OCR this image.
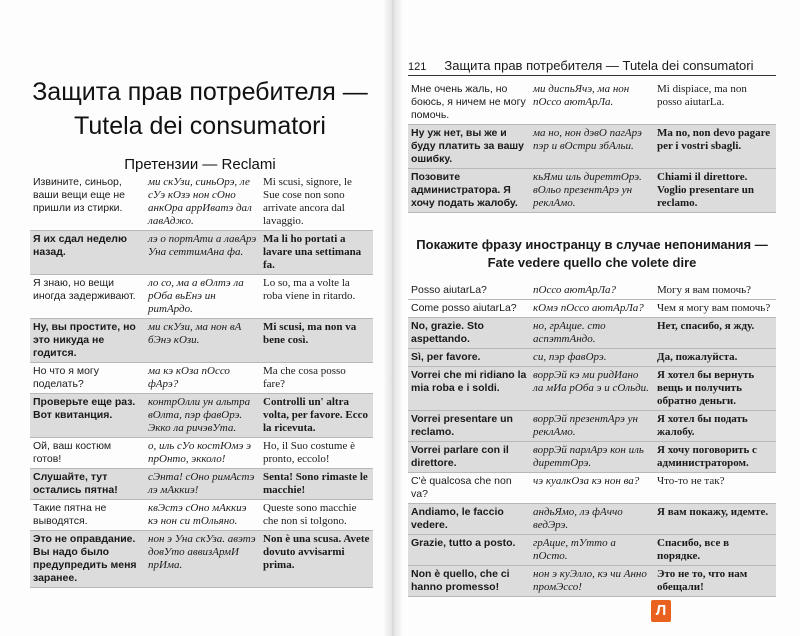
Защита прав потребителя —
Tutela dei consumatori
Претензии — Reclami
Извините, синьор, ваши вещи еще не пришли из стирки.	ми скУзи, синьОрэ, ле сУэ кОзэ нон сОно анкОра аррИватэ дал лавАджо.	Mi scusi, signore, le Sue cose non sono arrivate ancora dal lavaggio.
Я их сдал неделю назад.	лэ о портАти а лавАрэ Уна сеттимАна фа.	Ma li ho portati a lavare una settimana fa.
Я знаю, но вещи иногда задерживают.	ло со, ма а вОлтэ ла рОба вьЕнэ ин ритАрдо.	Lo so, ma a volte la roba viene in ritardo.
Ну, вы простите, но это никуда не годится.	ми скУзи, ма нон вА бЭнэ кОзи.	Mi scusi, ma non va bene così.
Но что я могу поделать?	ма кэ кОза пОссо фАрэ?	Ma che cosa posso fare?
Проверьте еще раз. Вот квитанция.	контрОлли ун альтра вОлта, пэр фавОрэ. Экко ла ричэвУта.	Controlli un' altra volta, per favore. Ecco la ricevuta.
Ой, ваш костюм готов!	о, иль сУо костЮмэ э прОнто, экколо!	Ho, il Suo costume è pronto, eccolo!
Слушайте, тут остались пятна!	сЭнта! сОно римАстэ лэ мАккиэ!	Senta! Sono rimaste le macchie!
Такие пятна не выводятся.	квЭстэ сОно мАккиэ кэ нон си тОльяно.	Queste sono macchie che non si tolgono.
Это не оправдание. Вы надо было предупредить меня заранее.	нон э Уна скУза. авэтэ довУто аввизАрмИ прИма.	Non è una scusa. Avete dovuto avvisarmi prima.
121 Защита прав потребителя — Tutela dei consumatori
Мне очень жаль, но боюсь, я ничем не могу помочь.	ми диспьЯчэ, ма нон пОссо аютАрЛа.	Mi dispiace, ma non posso aiutarLa.
Ну уж нет, вы же и буду платить за вашу ошибку.	ма но, нон дэвО пагАрэ пэр и вОстри збАльи.	Ma no, non devo pagare per i vostri sbagli.
Позовите администратора. Я хочу подать жалобу.	кьЯми иль диреттОрэ. вОльо презентАрэ ун реклАмо.	Chiami il direttore. Voglio presentare un reclamo.
Покажите фразу иностранцу в случае непонимания —
Fate vedere quello che volete dire
Posso aiutarLa?	пОссо аютАрЛа?	Могу я вам помочь?
Come posso aiutarLa?	кОмэ пОссо аютАрЛа?	Чем я могу вам помочь?
No, grazie. Sto aspettando.	но, грАцие. сто аспэттАндо.	Нет, спасибо, я жду.
Sì, per favore.	си, пэр фавОрэ.	Да, пожалуйста.
Vorrei che mi ridiano la mia roba e i soldi.	воррЭй кэ ми ридИано ла мИа рОба э и сОльди.	Я хотел бы вернуть вещь и получить обратно деньги.
Vorrei presentare un reclamo.	воррЭй презентАрэ ун реклАмо.	Я хотел бы подать жалобу.
Vorrei parlare con il direttore.	воррЭй парлАрэ кон иль диреттОрэ.	Я хочу поговорить с администратором.
C'è qualcosa che non va?	чэ куалкОза кэ нон ва?	Что-то не так?
Andiamo, le faccio vedere.	андьЯмо, лэ фАччо ведЭрэ.	Я вам покажу, идемте.
Grazie, tutto a posto.	грАцие, тУтто а пОсто.	Спасибо, все в порядке.
Non è quello, che ci hanno promesso!	нон э куЭлло, кэ чи Анно промЭссо!	Это не то, что нам обещали!
Л
